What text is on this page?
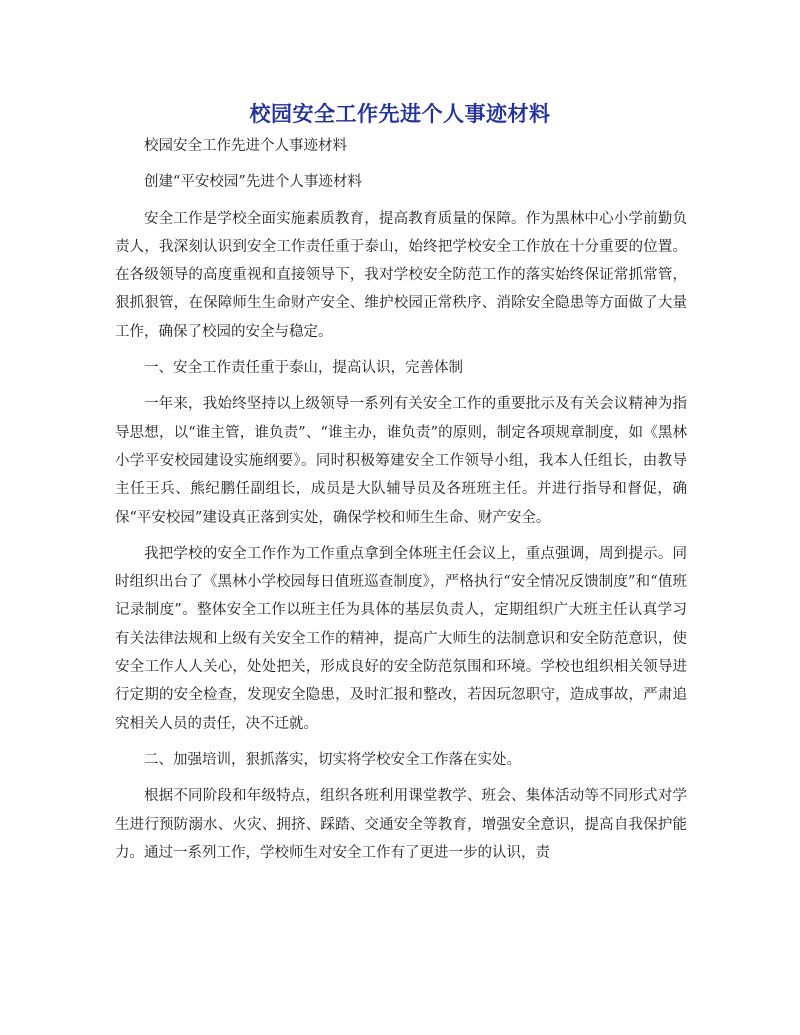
校园安全工作先进个人事迹材料

校园安全工作先进个人事迹材料

创建“平安校园”先进个人事迹材料

安全工作是学校全面实施素质教育，提高教育质量的保障。作为黑林中心小学前勤负责人，我深刻认识到安全工作责任重于泰山，始终把学校安全工作放在十分重要的位置。在各级领导的高度重视和直接领导下，我对学校安全防范工作的落实始终保证常抓常管，狠抓狠管，在保障师生生命财产安全、维护校园正常秩序、消除安全隐患等方面做了大量工作，确保了校园的安全与稳定。

一、安全工作责任重于泰山，提高认识，完善体制

一年来，我始终坚持以上级领导一系列有关安全工作的重要批示及有关会议精神为指导思想，以“谁主管，谁负责”、“谁主办，谁负责”的原则，制定各项规章制度，如《黑林小学平安校园建设实施纲要》。同时积极筹建安全工作领导小组，我本人任组长，由教导主任王兵、熊纪鹏任副组长，成员是大队辅导员及各班班主任。并进行指导和督促，确保“平安校园”建设真正落到实处，确保学校和师生生命、财产安全。

我把学校的安全工作作为工作重点拿到全体班主任会议上，重点强调，周到提示。同时组织出台了《黑林小学校园每日值班巡查制度》，严格执行“安全情况反馈制度”和“值班记录制度”。整体安全工作以班主任为具体的基层负责人，定期组织广大班主任认真学习有关法律法规和上级有关安全工作的精神，提高广大师生的法制意识和安全防范意识，使安全工作人人关心，处处把关，形成良好的安全防范氛围和环境。学校也组织相关领导进行定期的安全检查，发现安全隐患，及时汇报和整改，若因玩忽职守，造成事故，严肃追究相关人员的责任，决不迁就。

二、加强培训，狠抓落实，切实将学校安全工作落在实处。

根据不同阶段和年级特点，组织各班利用课堂教学、班会、集体活动等不同形式对学生进行预防溺水、火灾、拥挤、踩踏、交通安全等教育，增强安全意识，提高自我保护能力。通过一系列工作，学校师生对安全工作有了更进一步的认识，责
